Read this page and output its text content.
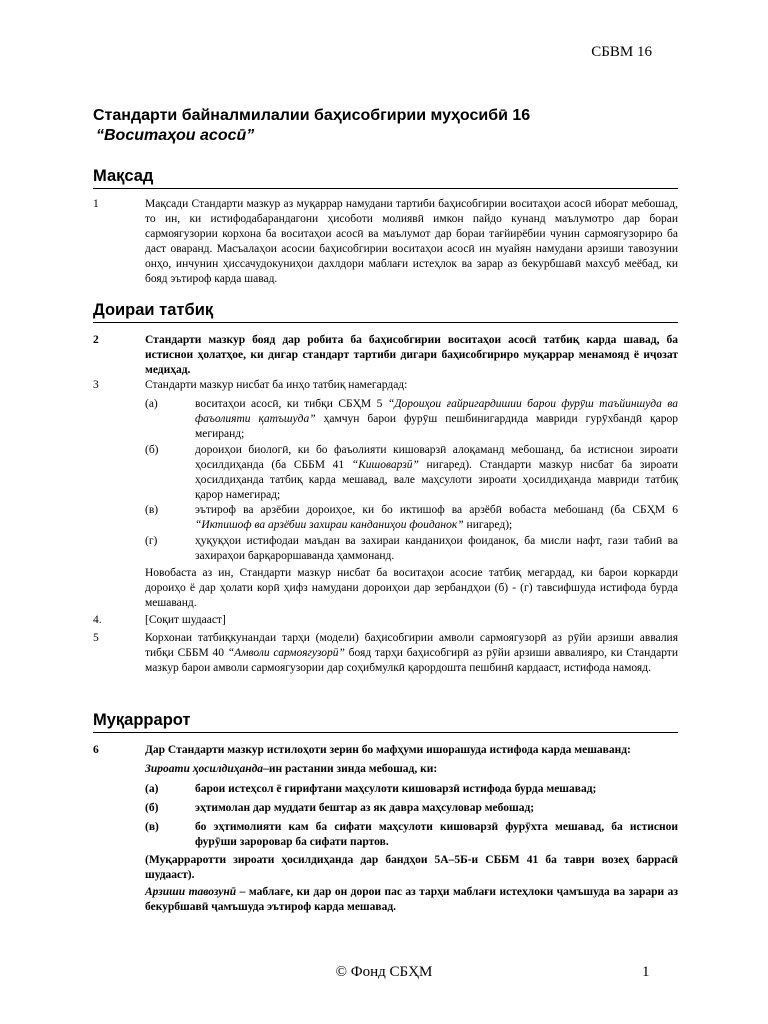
СБВМ 16
Стандарти байналмилалии баҳисобгирии муҳосибӣ 16
“Воситаҳои асосӣ”
Мақсад
1	Мақсади Стандарти мазкур аз муқаррар намудани тартиби баҳисобгирии воситаҳои асосӣ иборат мебошад, то ин, ки истифодабарандагони ҳисоботи молиявӣ имкон пайдо кунанд маълумотро дар бораи сармоягузории корхона ба воситаҳои асосӣ ва маълумот дар бораи тағйирёбии чунин сармоягузориро ба даст оваранд. Масъалаҳои асосии баҳисобгирии воситаҳои асосӣ ин муайян намудани арзиши тавозунии онҳо, инчунин ҳиссачудокуниҳои дахлдори маблағи истеҳлок ва зарар аз бекурбшавӣ махсуб меёбад, ки бояд эътироф карда шавад.
Доираи татбиқ
2	Стандарти мазкур бояд дар робита ба баҳисобгирии воситаҳои асосӣ татбиқ карда шавад, ба истиснои ҳолатҳое, ки дигар стандарт тартиби дигари баҳисобгириро муқаррар менамояд ё иҷозат медиҳад.
3	Стандарти мазкур нисбат ба инҳо татбиқ намегардад:
(а)	воситаҳои асосӣ, ки тибқи СБҲМ 5 “Дороиҳои ғайригардишии барои фурӯш таъйиншуда ва фаъолияти қатъшуда” ҳамчун барои фурӯш пешбинигардида мавриди гурӯхбандӣ қарор мегиранд;
(б)	дороиҳои биологӣ, ки бо фаъолияти кишоварзӣ алоқаманд мебошанд, ба истиснои зироати ҳосилдиҳанда (ба СББМ 41 “Кишоварзӣ” нигаред). Стандарти мазкур нисбат ба зироати ҳосилдиҳанда татбиқ карда мешавад, вале маҳсулоти зироати ҳосилдиҳанда мавриди татбиқ қарор намегирад;
(в)	эътироф ва арзёбии дороиҳое, ки бо иктишоф ва арзёбӣ вобаста мебошанд (ба СБҲМ 6 “Иктишоф ва арзёбии захираи канданиҳои фоиданок” нигаред);
(г)	ҳуқуқҳои истифодаи маъдан ва захираи канданиҳои фоиданок, ба мисли нафт, гази табиӣ ва захираҳои барқароршаванда ҳаммонанд.
Новобаста аз ин, Стандарти мазкур нисбат ба воситаҳои асосие татбиқ мегардад, ки барои коркарди дороиҳо ё дар ҳолати корӣ ҳифз намудани дороиҳои дар зербандҳои (б) - (г) тавсифшуда истифода бурда мешаванд.
4.	[Соқит шудааст]
5	Корхонаи татбиқкунандаи тарҳи (модели) баҳисобгирии амволи сармоягузорӣ аз рӯйи арзиши аввалия тибқи СББМ 40 “Амволи сармоягузорӣ” бояд тарҳи баҳисобгирӣ аз рӯйи арзиши аввалияро, ки Стандарти мазкур барои амволи сармоягузории дар соҳибмулкӣ қарордошта пешбинӣ кардааст, истифода намояд.
Муқаррарот
6	Дар Стандарти мазкур истилоҳоти зерин бо мафҳуми ишорашуда истифода карда мешаванд:
Зироати ҳосилдиҳанда–ин растании зинда мебошад, ки:
(а)	барои истеҳсол ё гирифтани маҳсулоти кишоварзӣ истифода бурда мешавад;
(б)	эҳтимолан дар муддати бештар аз як давра маҳсуловар мебошад;
(в)	бо эҳтимолияти кам ба сифати маҳсулоти кишоварзӣ фурӯхта мешавад, ба истиснои фурӯши зароровар ба сифати партов.
(Муқарраротти зироати ҳосилдиҳанда дар бандҳои 5А–5Б-и СББМ 41 ба таври возеҳ баррасӣ шудааст).
Арзиши тавозунӣ – маблағе, ки дар он дорои пас аз тарҳи маблағи истеҳлоки ҷамъшуда ва зарари аз бекурбшавӣ ҷамъшуда эътироф карда мешавад.
© Фонд СБҲМ	1
